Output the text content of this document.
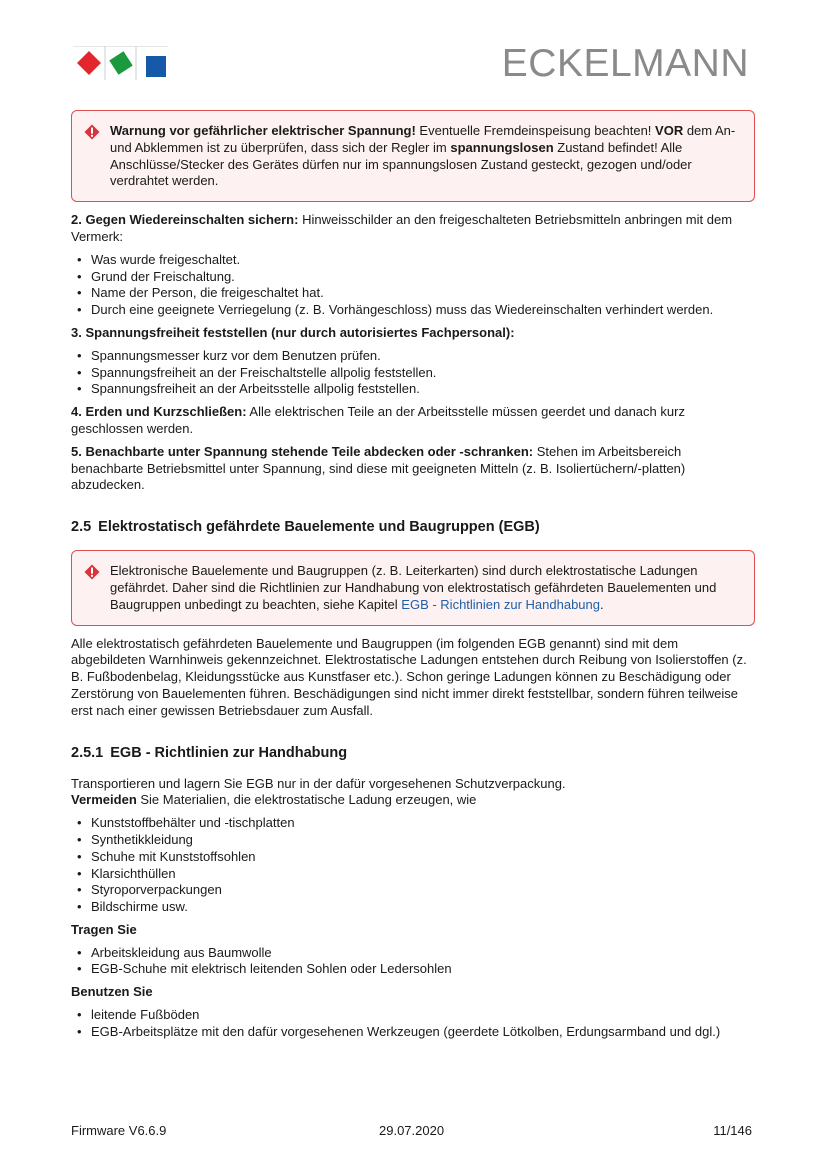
ECKELMANN
Warnung vor gefährlicher elektrischer Spannung! Eventuelle Fremdeinspeisung beachten! VOR dem An- und Abklemmen ist zu überprüfen, dass sich der Regler im spannungslosen Zustand befindet! Alle Anschlüsse/Stecker des Gerätes dürfen nur im spannungslosen Zustand gesteckt, gezogen und/oder verdrahtet werden.

2. Gegen Wiedereinschalten sichern: Hinweisschilder an den freigeschalteten Betriebsmitteln anbringen mit dem Vermerk:

• Was wurde freigeschaltet.
• Grund der Freischaltung.
• Name der Person, die freigeschaltet hat.
• Durch eine geeignete Verriegelung (z. B. Vorhängeschloss) muss das Wiedereinschalten verhindert werden.

3. Spannungsfreiheit feststellen (nur durch autorisiertes Fachpersonal):

• Spannungsmesser kurz vor dem Benutzen prüfen.
• Spannungsfreiheit an der Freischaltstelle allpolig feststellen.
• Spannungsfreiheit an der Arbeitsstelle allpolig feststellen.

4. Erden und Kurzschließen: Alle elektrischen Teile an der Arbeitsstelle müssen geerdet und danach kurz geschlossen werden.

5. Benachbarte unter Spannung stehende Teile abdecken oder -schranken: Stehen im Arbeitsbereich benachbarte Betriebsmittel unter Spannung, sind diese mit geeigneten Mitteln (z. B. Isoliertüchern/-platten) abzudecken.

2.5 Elektrostatisch gefährdete Bauelemente und Baugruppen (EGB)
Elektronische Bauelemente und Baugruppen (z. B. Leiterkarten) sind durch elektrostatische Ladungen gefährdet. Daher sind die Richtlinien zur Handhabung von elektrostatisch gefährdeten Bauelementen und Baugruppen unbedingt zu beachten, siehe Kapitel EGB - Richtlinien zur Handhabung.

Alle elektrostatisch gefährdeten Bauelemente und Baugruppen (im folgenden EGB genannt) sind mit dem abgebildeten Warnhinweis gekennzeichnet. Elektrostatische Ladungen entstehen durch Reibung von Isolierstoffen (z. B. Fußbodenbelag, Kleidungsstücke aus Kunstfaser etc.). Schon geringe Ladungen können zu Beschädigung oder Zerstörung von Bauelementen führen. Beschädigungen sind nicht immer direkt feststellbar, sondern führen teilweise erst nach einer gewissen Betriebsdauer zum Ausfall.

2.5.1 EGB - Richtlinien zur Handhabung

Transportieren und lagern Sie EGB nur in der dafür vorgesehenen Schutzverpackung.
Vermeiden Sie Materialien, die elektrostatische Ladung erzeugen, wie

• Kunststoffbehälter und -tischplatten
• Synthetikkleidung
• Schuhe mit Kunststoffsohlen
• Klarsichthüllen
• Styroporverpackungen
• Bildschirme usw.

Tragen Sie

• Arbeitskleidung aus Baumwolle
• EGB-Schuhe mit elektrisch leitenden Sohlen oder Ledersohlen

Benutzen Sie

• leitende Fußböden
• EGB-Arbeitsplätze mit den dafür vorgesehenen Werkzeugen (geerdete Lötkolben, Erdungsarmband und dgl.)
Firmware V6.6.9	29.07.2020	11/146
